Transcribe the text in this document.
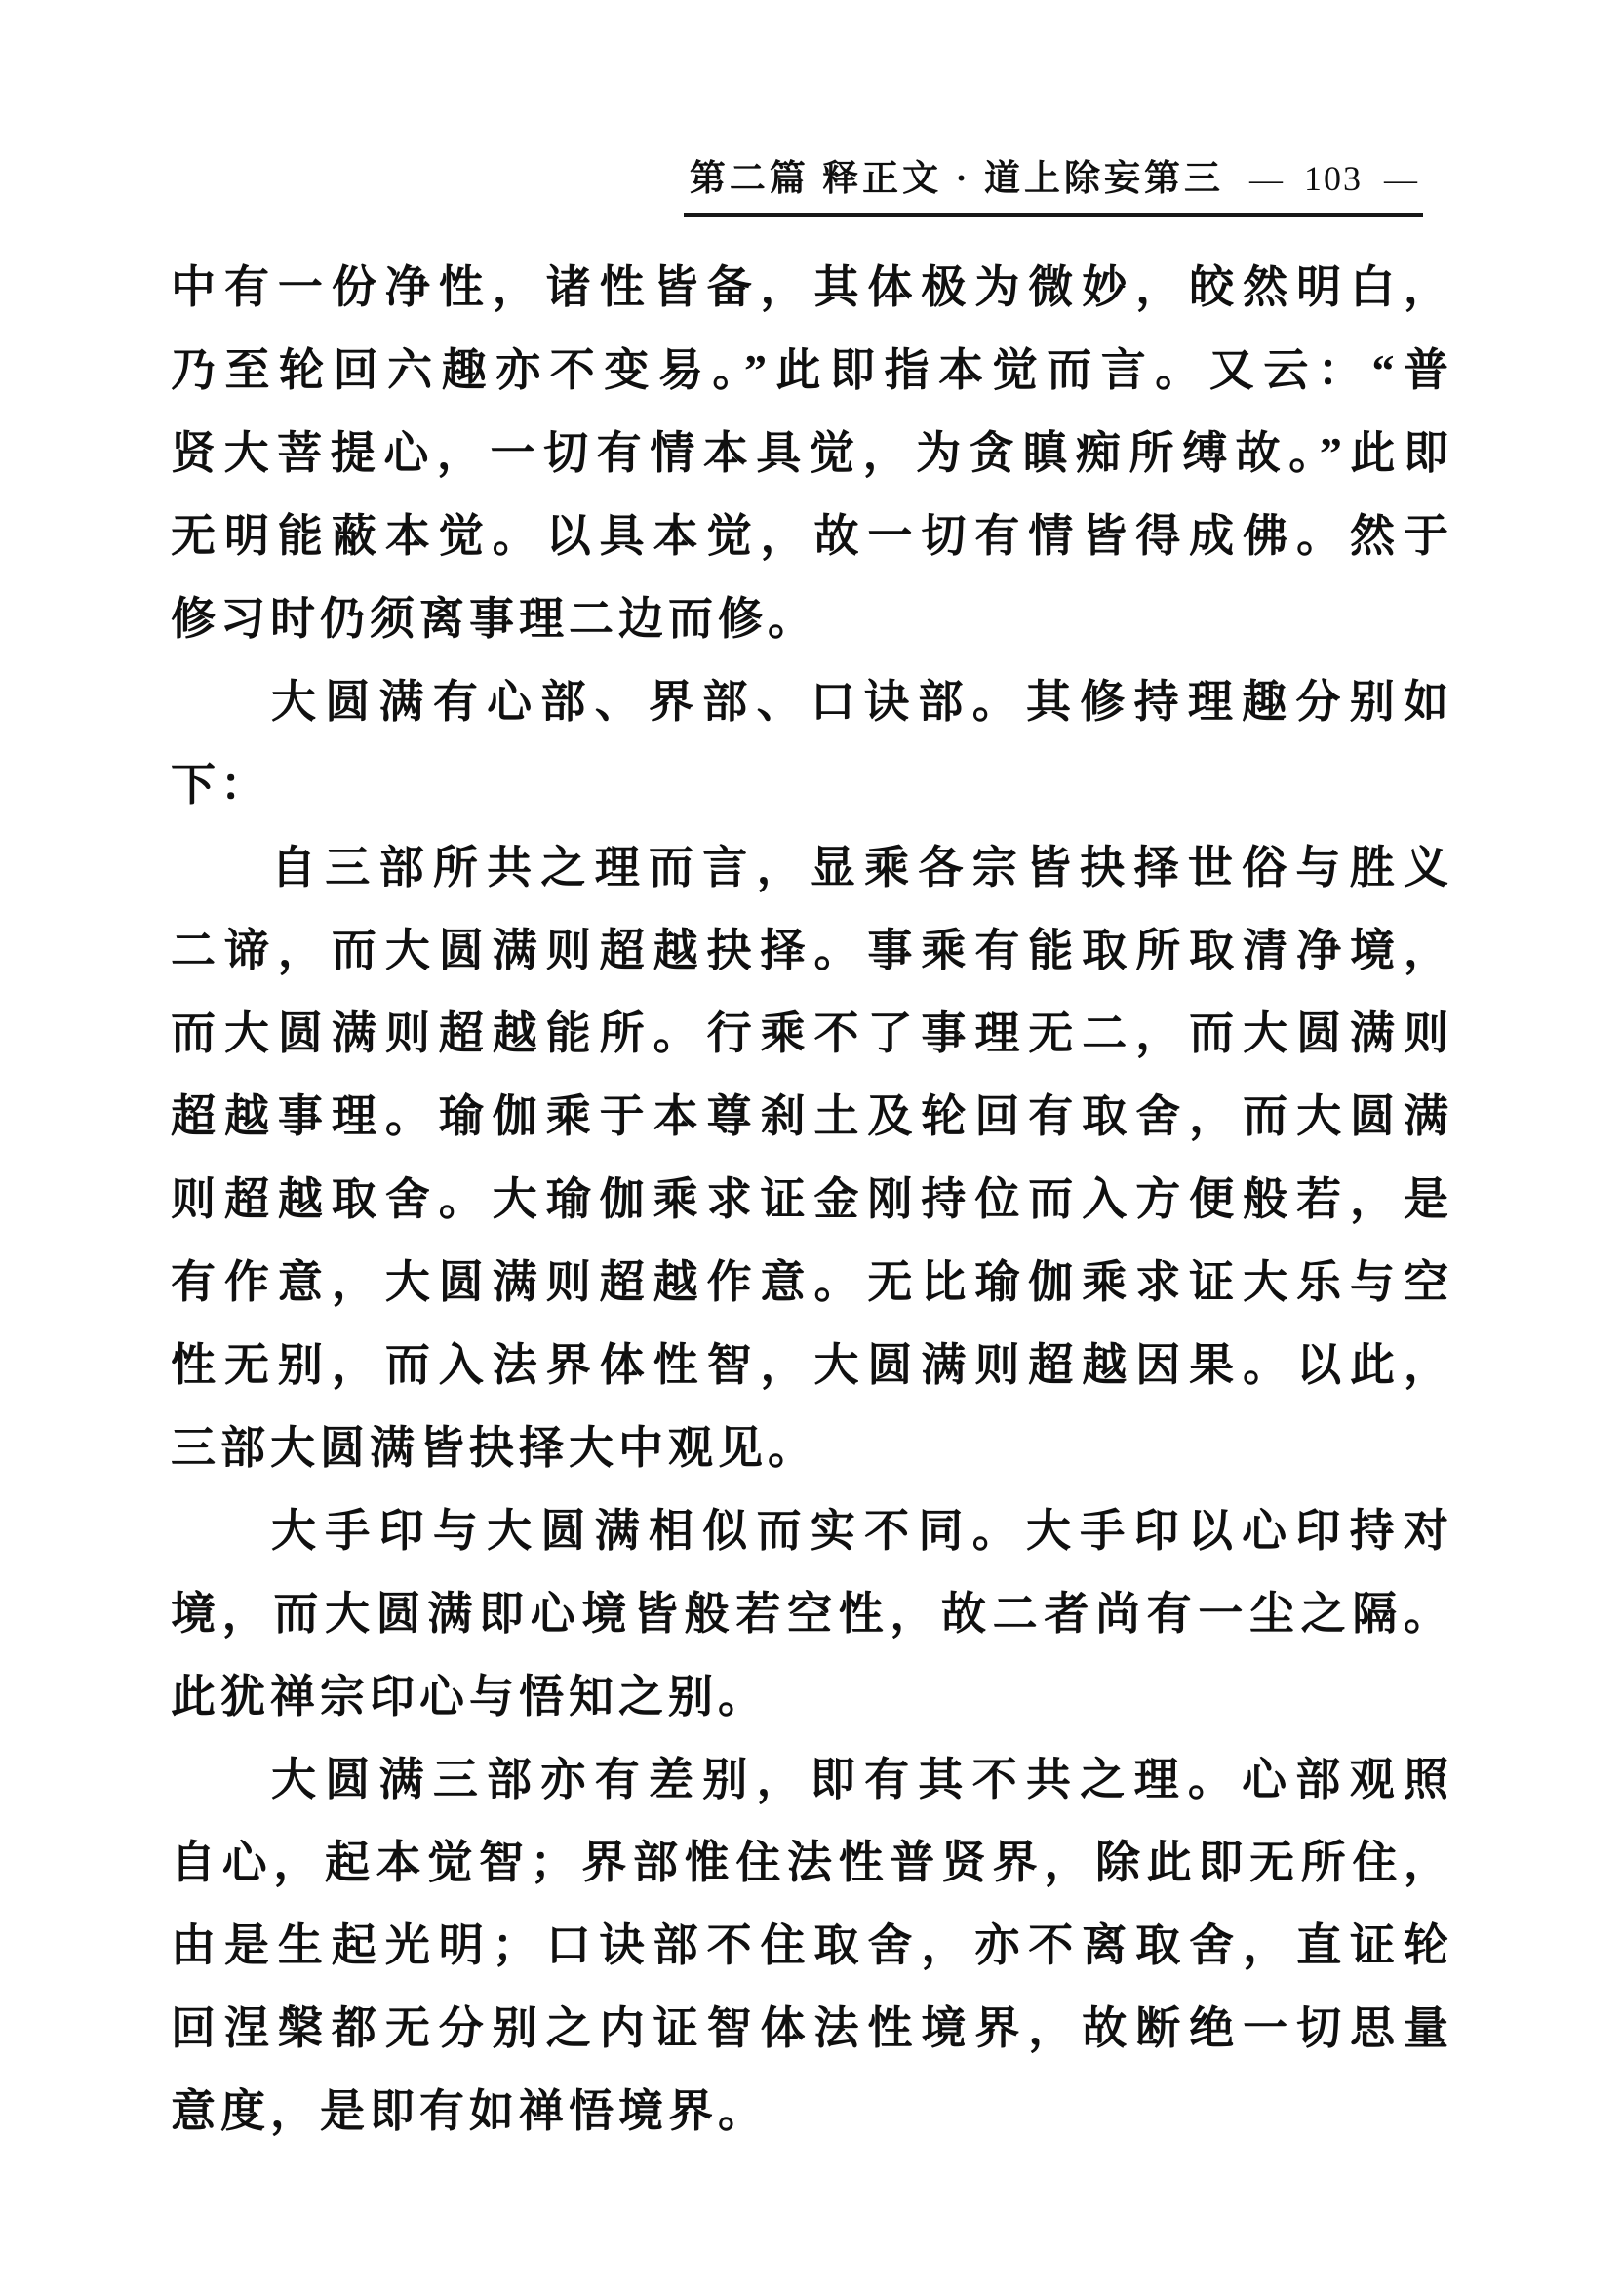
第二篇 释正文 · 道上除妄第三 — 103 —
中有一份净性，诸性皆备，其体极为微妙，皎然明白，
乃至轮回六趣亦不变易。”此即指本觉而言。又云：“普
贤大菩提心，一切有情本具觉，为贪瞋痴所缚故。”此即
无明能蔽本觉。以具本觉，故一切有情皆得成佛。然于
修习时仍须离事理二边而修。
大圆满有心部、界部、口诀部。其修持理趣分别如
下：
自三部所共之理而言，显乘各宗皆抉择世俗与胜义
二谛，而大圆满则超越抉择。事乘有能取所取清净境，
而大圆满则超越能所。行乘不了事理无二，而大圆满则
超越事理。瑜伽乘于本尊刹土及轮回有取舍，而大圆满
则超越取舍。大瑜伽乘求证金刚持位而入方便般若，是
有作意，大圆满则超越作意。无比瑜伽乘求证大乐与空
性无别，而入法界体性智，大圆满则超越因果。以此，
三部大圆满皆抉择大中观见。
大手印与大圆满相似而实不同。大手印以心印持对
境，而大圆满即心境皆般若空性，故二者尚有一尘之隔。
此犹禅宗印心与悟知之别。
大圆满三部亦有差别，即有其不共之理。心部观照
自心，起本觉智；界部惟住法性普贤界，除此即无所住，
由是生起光明；口诀部不住取舍，亦不离取舍，直证轮
回涅槃都无分别之内证智体法性境界，故断绝一切思量
意度，是即有如禅悟境界。
